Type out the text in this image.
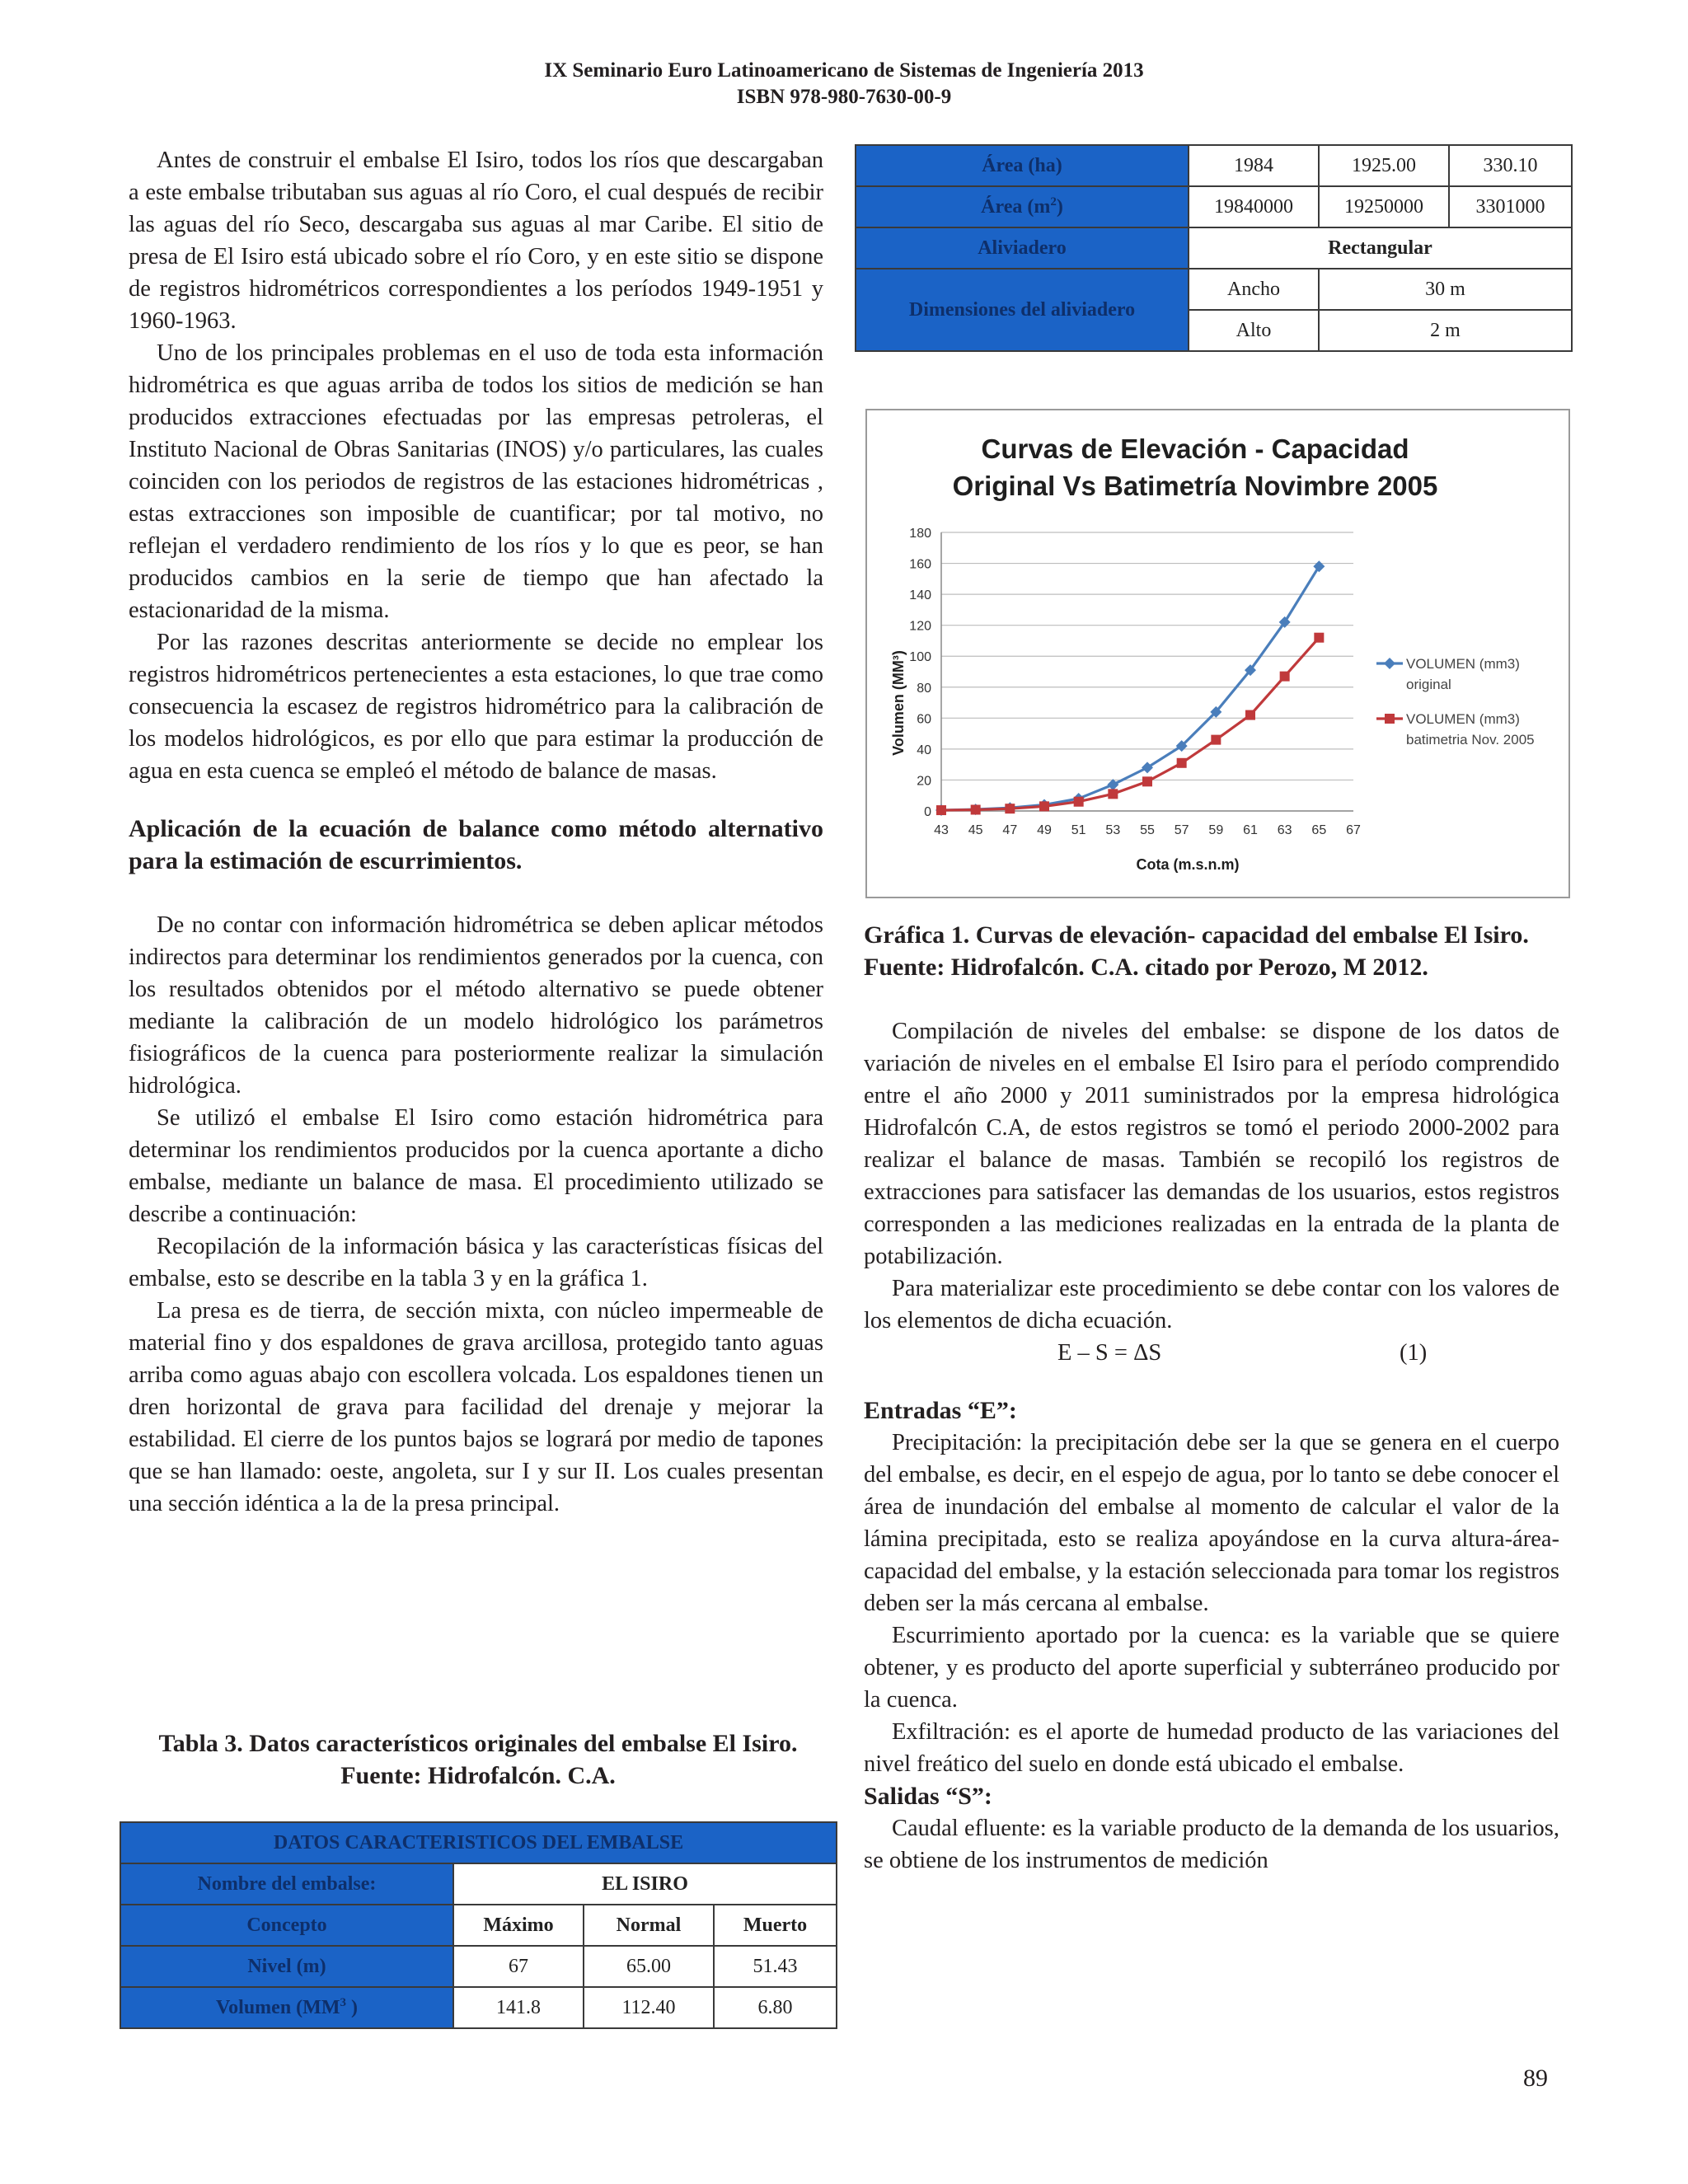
IX Seminario Euro Latinoamericano de Sistemas de Ingeniería 2013
ISBN 978-980-7630-00-9

Antes de construir el embalse El Isiro, todos los ríos que descargaban a este embalse tributaban sus aguas al río Coro, el cual después de recibir las aguas del río Seco, descargaba sus aguas al mar Caribe. El sitio de presa de El Isiro está ubicado sobre el río Coro, y en este sitio se dispone de registros hidrométricos correspondientes a los períodos 1949-1951 y 1960-1963.

Uno de los principales problemas en el uso de toda esta información hidrométrica es que aguas arriba de todos los sitios de medición se han producidos extracciones efectuadas por las empresas petroleras, el Instituto Nacional de Obras Sanitarias (INOS) y/o particulares, las cuales coinciden con los periodos de registros de las estaciones hidrométricas , estas extracciones son imposible de cuantificar; por tal motivo, no reflejan el verdadero rendimiento de los ríos y lo que es peor, se han producidos cambios en la serie de tiempo que han afectado la estacionaridad de la misma.

Por las razones descritas anteriormente se decide no emplear los registros hidrométricos pertenecientes a esta estaciones, lo que trae como consecuencia la escasez de registros hidrométrico para la calibración de los modelos hidrológicos, es por ello que para estimar la producción de agua en esta cuenca se empleó el método de balance de masas.

Aplicación de la ecuación de balance como método alternativo para la estimación de escurrimientos.

De no contar con información hidrométrica se deben aplicar métodos indirectos para determinar los rendimientos generados por la cuenca, con los resultados obtenidos por el método alternativo se puede obtener mediante la calibración de un modelo hidrológico los parámetros fisiográficos de la cuenca para posteriormente realizar la simulación hidrológica.

Se utilizó el embalse El Isiro como estación hidrométrica para determinar los rendimientos producidos por la cuenca aportante a dicho embalse, mediante un balance de masa. El procedimiento utilizado se describe a continuación:

Recopilación de la información básica y las características físicas del embalse, esto se describe en la tabla 3 y en la gráfica 1.

La presa es de tierra, de sección mixta, con núcleo impermeable de material fino y dos espaldones de grava arcillosa, protegido tanto aguas arriba como aguas abajo con escollera volcada. Los espaldones tienen un dren horizontal de grava para facilidad del drenaje y mejorar la estabilidad. El cierre de los puntos bajos se logrará por medio de tapones que se han llamado: oeste, angoleta, sur I y sur II. Los cuales presentan una sección idéntica a la de la presa principal.

Tabla 3. Datos característicos originales del embalse El Isiro. Fuente: Hidrofalcón. C.A.
DATOS CARACTERISTICOS DEL EMBALSE			
Nombre del embalse:	EL ISIRO		
Concepto	Máximo	Normal	Muerto
Nivel (m)	67	65.00	51.43
Volumen ($MM^3$ )	141.8	112.40	6.80
Área (ha)	1984	1925.00	330.10
Área $(m^2)$	19840000	19250000	3301000
Aliviadero	Rectangular		
Dimensiones del aliviadero	Ancho	30 m	
	Alto	2 m	
Curvas de Elevación - Capacidad
Original Vs Batimetría Novimbre 2005
Volumen (MM³)
Cota (m.s.n.m)
0
20
40
60
80
100
120
140
160
180
43 45 47 49 51 53 55 57 59 61 63 65 67
VOLUMEN (mm3)
original
VOLUMEN (mm3)
batimetria Nov. 2005
Gráfica 1. Curvas de elevación- capacidad del embalse El Isiro. Fuente: Hidrofalcón. C.A. citado por Perozo, M 2012.

Compilación de niveles del embalse: se dispone de los datos de variación de niveles en el embalse El Isiro para el período comprendido entre el año 2000 y 2011 suministrados por la empresa hidrológica Hidrofalcón C.A, de estos registros se tomó el periodo 2000-2002 para realizar el balance de masas. También se recopiló los registros de extracciones para satisfacer las demandas de los usuarios, estos registros corresponden a las mediciones realizadas en la entrada de la planta de potabilización.

Para materializar este procedimiento se debe contar con los valores de los elementos de dicha ecuación.

E – S = ΔS	(1)

Entradas “E”:

Precipitación: la precipitación debe ser la que se genera en el cuerpo del embalse, es decir, en el espejo de agua, por lo tanto se debe conocer el área de inundación del embalse al momento de calcular el valor de la lámina precipitada, esto se realiza apoyándose en la curva altura-área-capacidad del embalse, y la estación seleccionada para tomar los registros deben ser la más cercana al embalse.

Escurrimiento aportado por la cuenca: es la variable que se quiere obtener, y es producto del aporte superficial y subterráneo producido por la cuenca.

Exfiltración: es el aporte de humedad producto de las variaciones del nivel freático del suelo en donde está ubicado el embalse.

Salidas “S”:

Caudal efluente: es la variable producto de la demanda de los usuarios, se obtiene de los instrumentos de medición

89
